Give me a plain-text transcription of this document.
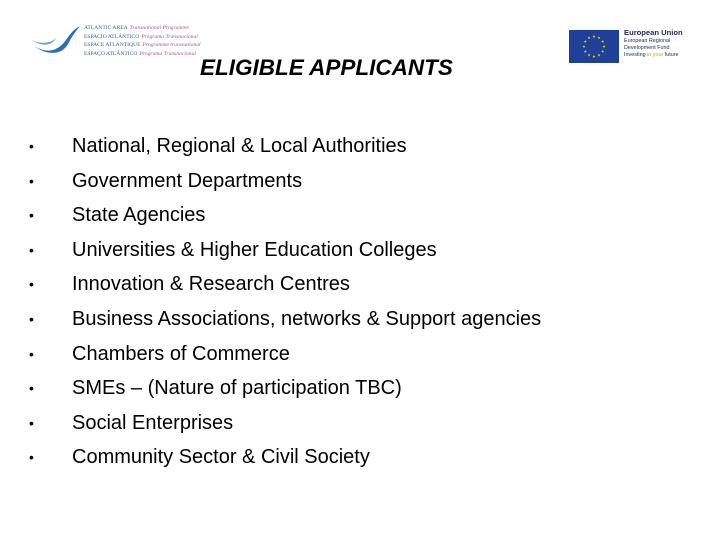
ATLANTIC AREA Transnational Programme
ESPACIO ATLÁNTICO Programa Transnacional
ESPACE ATLANTIQUE Programme transnational
ESPAÇO ATLÂNTICO Programa Transnacional
European Union
European Regional
Development Fund
Investing in your future
ELIGIBLE APPLICANTS
• National, Regional & Local Authorities
• Government Departments
• State Agencies
• Universities & Higher Education Colleges
• Innovation & Research Centres
• Business Associations, networks & Support agencies
• Chambers of Commerce
• SMEs – (Nature of participation TBC)
• Social Enterprises
• Community Sector & Civil Society
